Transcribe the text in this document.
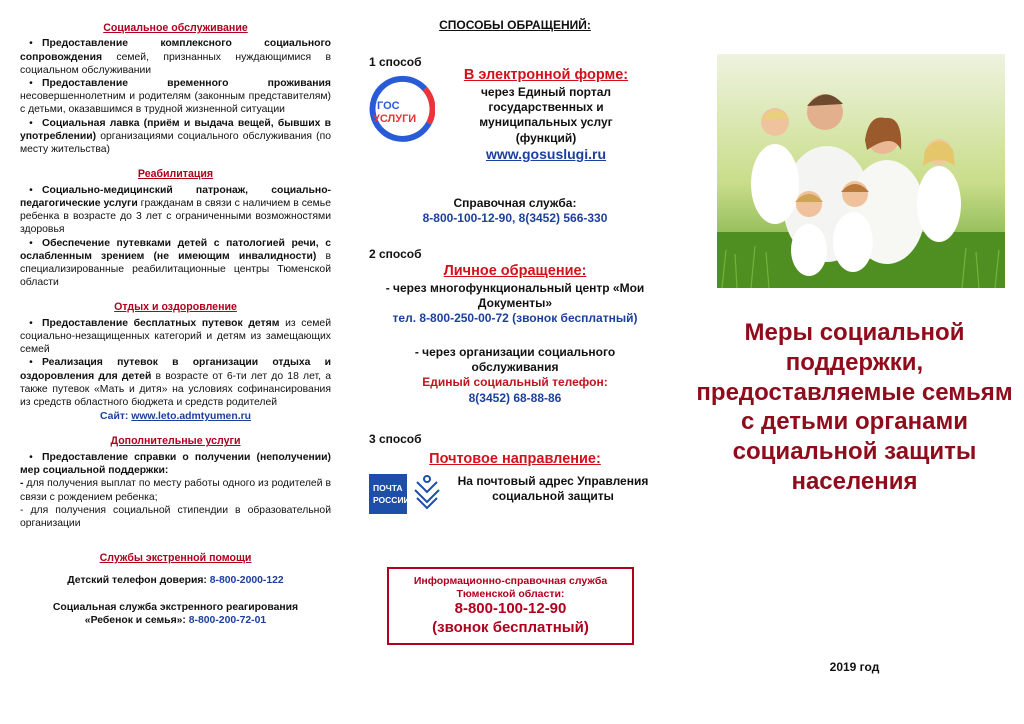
Социальное обслуживание

• Предоставление комплексного социального сопровождения семей, признанных нуждающимися в социальном обслуживании

• Предоставление временного проживания несовершеннолетним и родителям (законным представителям) с детьми, оказавшимся в трудной жизненной ситуации

• Социальная лавка (приём и выдача вещей, бывших в употреблении) организациями социального обслуживания (по месту жительства)

Реабилитация

• Социально-медицинский патронаж, социально-педагогические услуги гражданам в связи с наличием в семье ребенка в возрасте до 3 лет с ограниченными возможностями здоровья

• Обеспечение путевками детей с патологией речи, с ослабленным зрением (не имеющим инвалидности) в специализированные реабилитационные центры Тюменской области

Отдых и оздоровление

• Предоставление бесплатных путевок детям из семей социально-незащищенных категорий и детям из замещающих семей

• Реализация путевок в организации отдыха и оздоровления для детей в возрасте от 6-ти лет до 18 лет, а также путевок «Мать и дитя» на условиях софинансирования из средств областного бюджета и средств родителей

Сайт: www.leto.admtyumen.ru
Дополнительные услуги

• Предоставление справки о получении (неполучении) мер социальной поддержки:

- для получения выплат по месту работы одного из родителей в связи с рождением ребенка;

- для получения социальной стипендии в образовательной организации

Службы экстренной помощи
Детский телефон доверия: 8-800-2000-122
Социальная служба экстренного реагирования
«Ребенок и семья»: 8-800-200-72-01
СПОСОБЫ ОБРАЩЕНИЙ:
1 способ
ГОС
УСЛУГИ
В электронной форме:
через Единый портал государственных и муниципальных услуг (функций)
www.gosuslugi.ru
Справочная служба:
8-800-100-12-90, 8(3452) 566-330
2 способ
Личное обращение:
- через многофункциональный центр «Мои Документы»
тел. 8-800-250-00-72 (звонок бесплатный)
- через организации социального обслуживания
Единый социальный телефон:
8(3452) 68-88-86
3 способ
Почтовое направление:
ПОЧТА
РОССИИ
На почтовый адрес Управления социальной защиты
Информационно-справочная служба Тюменской области:
8-800-100-12-90
(звонок бесплатный)
Меры социальной поддержки, предоставляемые семьям с детьми органами социальной защиты населения
2019 год
